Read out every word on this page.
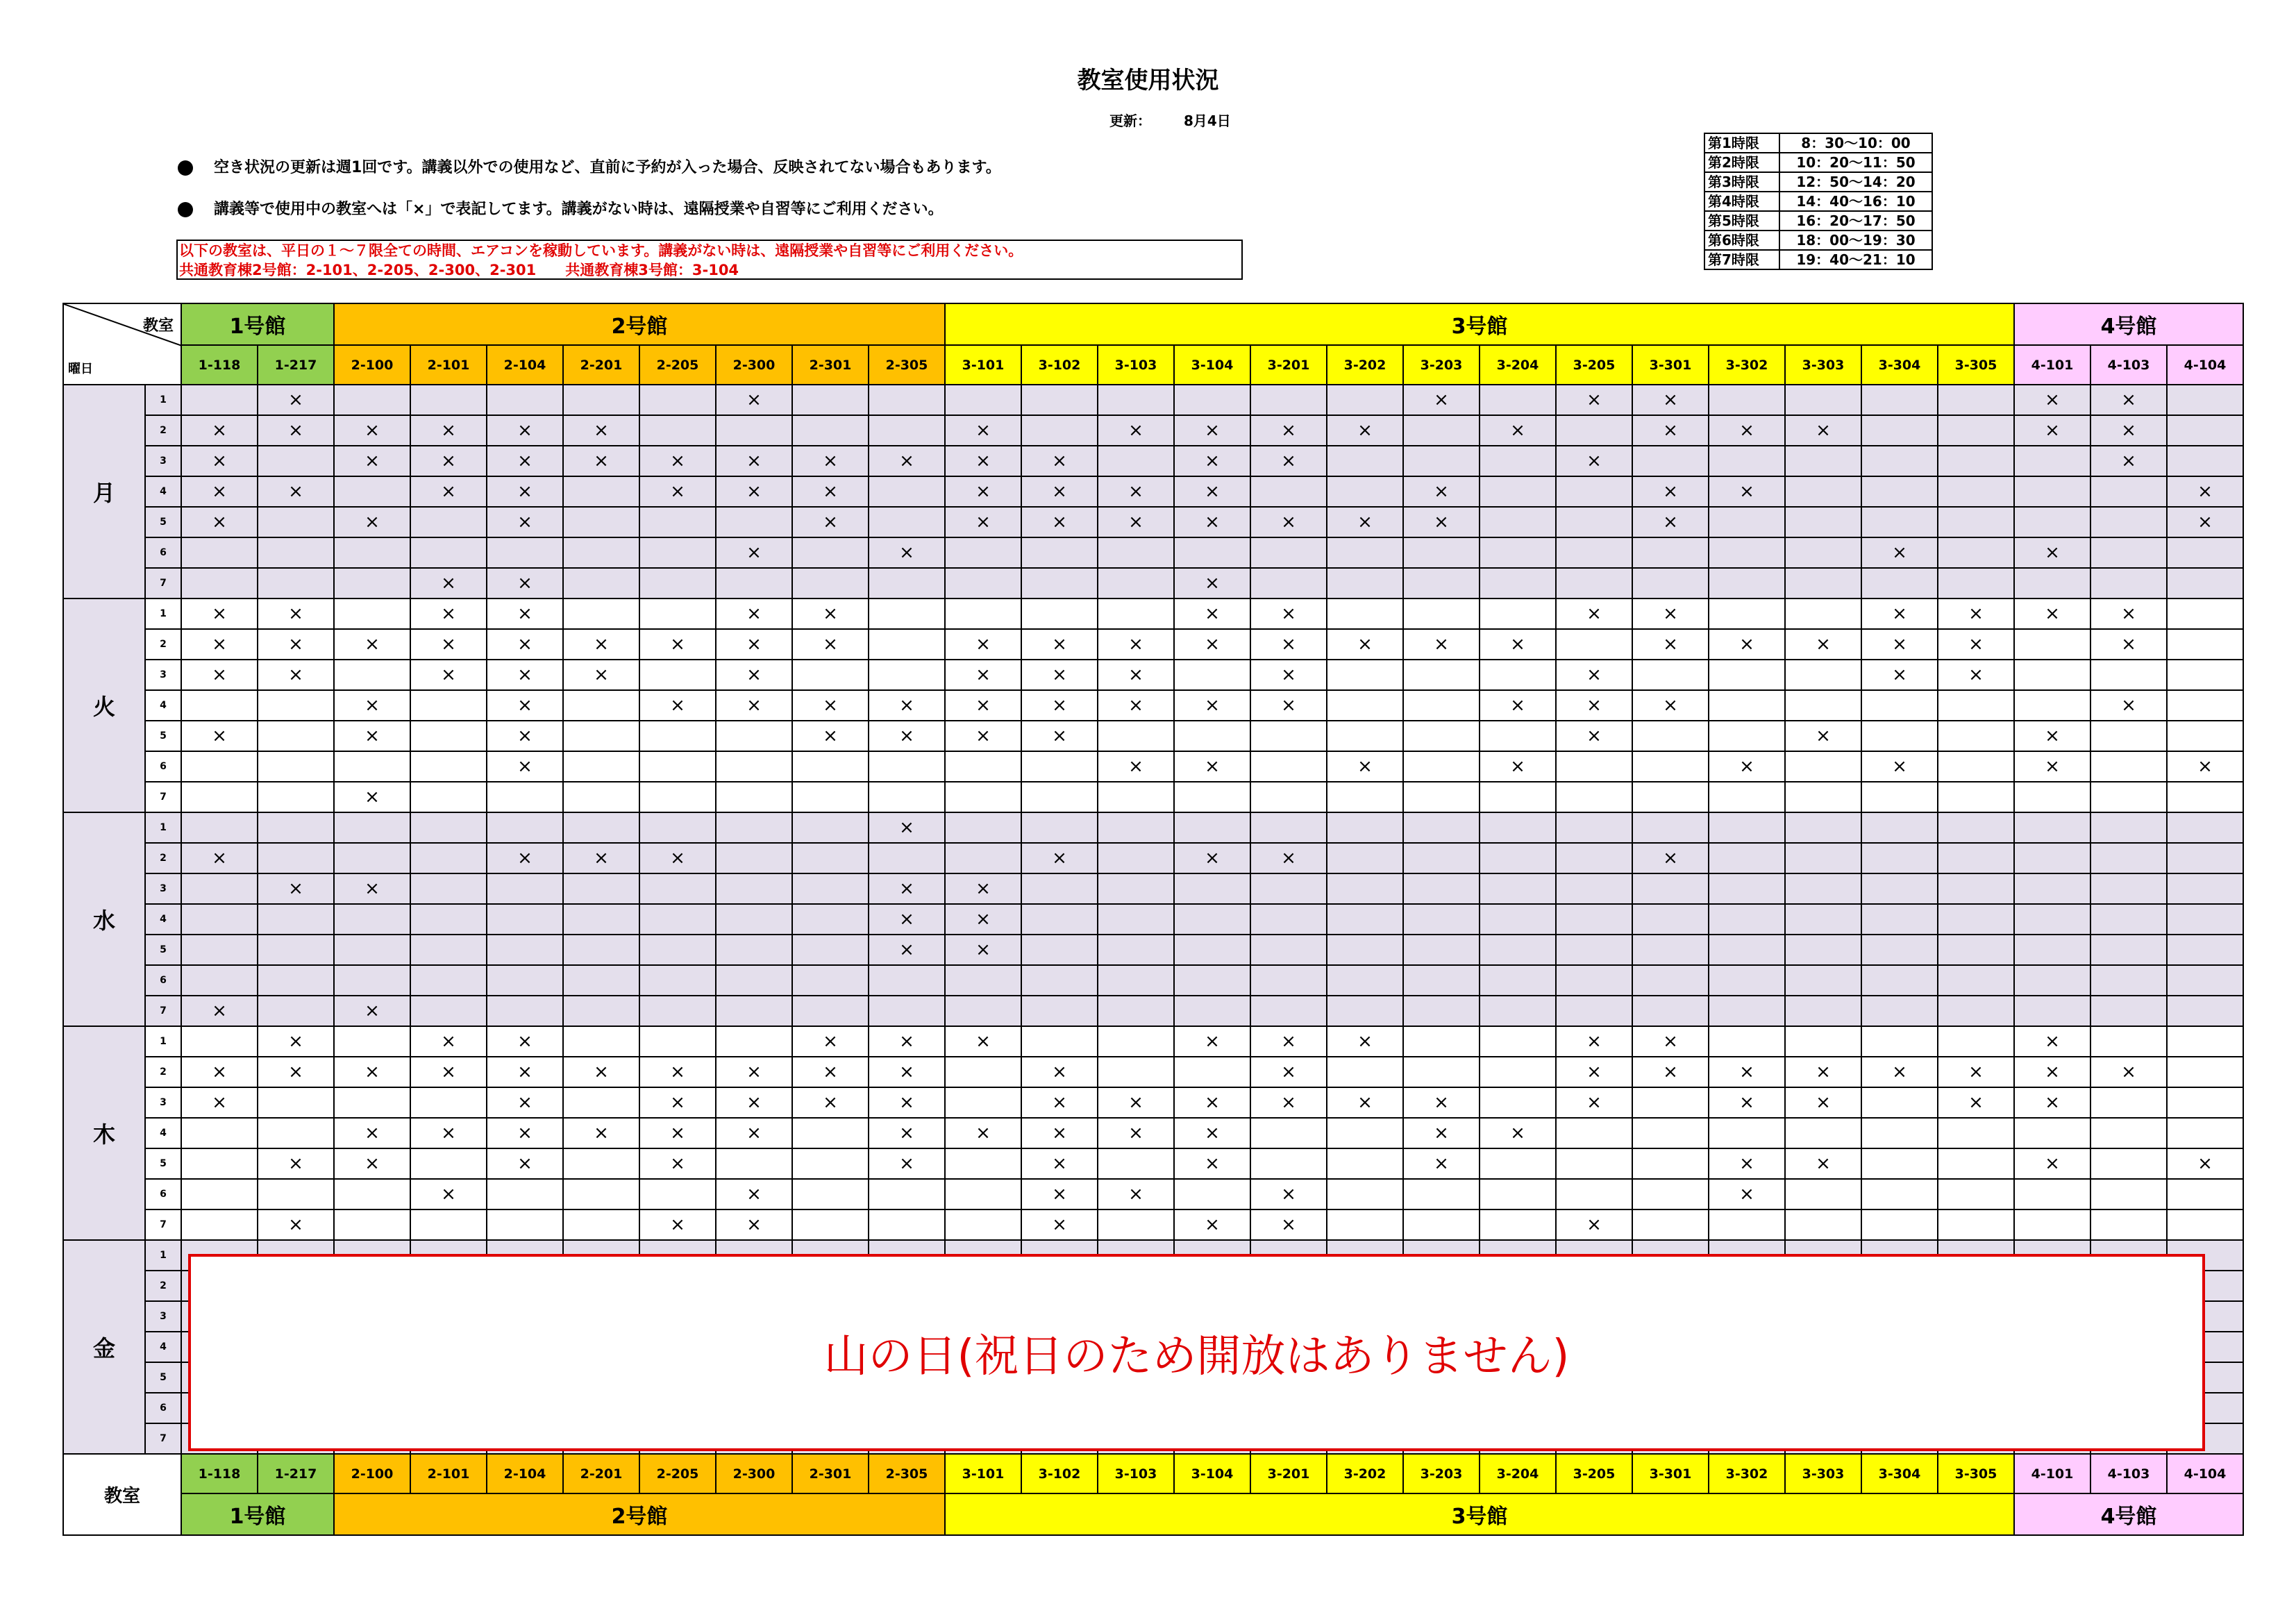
教室使用状況
更新： 8月4日
空き状況の更新は週1回です。講義以外での使用など、直前に予約が入った場合、反映されてない場合もあります。
講義等で使用中の教室へは「×」で表記してます。講義がない時は、遠隔授業や自習等にご利用ください。
以下の教室は、平日の１～７限全ての時間、エアコンを稼動しています。講義がない時は、遠隔授業や自習等にご利用ください。
共通教育棟2号館：2-101、2-205、2-300、2-301　　共通教育棟3号館：3-104
第1時限	8：30～10：00
第2時限	10：20～11：50
第3時限	12：50～14：20
第4時限	14：40～16：10
第5時限	16：20～17：50
第6時限	18：00～19：30
第7時限	19：40～21：10
教室
曜日		1号館		2号館								3号館														4号館		
		1-118	1-217	2-100	2-101	2-104	2-201	2-205	2-300	2-301	2-305	3-101	3-102	3-103	3-104	3-201	3-202	3-203	3-204	3-205	3-301	3-302	3-303	3-304	3-305	4-101	4-103	4-104
月	1		×						×									×		×	×					×	×	
	2	×	×	×	×	×	×					×		×	×	×	×		×		×	×	×			×	×	
	3	×		×	×	×	×	×	×	×	×	×	×		×	×				×							×	
	4	×	×		×	×		×	×	×		×	×	×	×			×			×	×						×
	5	×		×		×				×		×	×	×	×	×	×	×			×							×
	6								×		×													×		×		
	7				×	×									×													
火	1	×	×		×	×			×	×					×	×				×	×			×	×	×	×	
	2	×	×	×	×	×	×	×	×	×		×	×	×	×	×	×	×	×		×	×	×	×	×		×	
	3	×	×		×	×	×		×			×	×	×		×				×				×	×			
	4			×		×		×	×	×	×	×	×	×	×	×			×	×	×						×	
	5	×		×		×				×	×	×	×							×			×			×		
	6					×								×	×		×		×			×		×		×		×
	7			×																								
水	1										×																	
	2	×				×	×	×					×		×	×					×							
	3		×	×							×	×																
	4										×	×																
	5										×	×																
	6																											
	7	×		×																								
木	1		×		×	×				×	×	×			×	×	×			×	×					×		
	2	×	×	×	×	×	×	×	×	×	×		×			×				×	×	×	×	×	×	×	×	
	3	×				×		×	×	×	×		×	×	×	×	×	×		×		×	×		×	×		
	4			×	×	×	×	×	×		×	×	×	×	×			×	×									
	5		×	×		×		×			×		×		×			×				×	×			×		×
	6				×				×				×	×		×						×						
	7		×					×	×				×		×	×				×								
金	1																											
	2																											
	3																											
	4																											
	5																											
	6																											
	7																											
教室		1-118	1-217	2-100	2-101	2-104	2-201	2-205	2-300	2-301	2-305	3-101	3-102	3-103	3-104	3-201	3-202	3-203	3-204	3-205	3-301	3-302	3-303	3-304	3-305	4-101	4-103	4-104
		1号館		2号館								3号館														4号館		
山の日(祝日のため開放はありません)
